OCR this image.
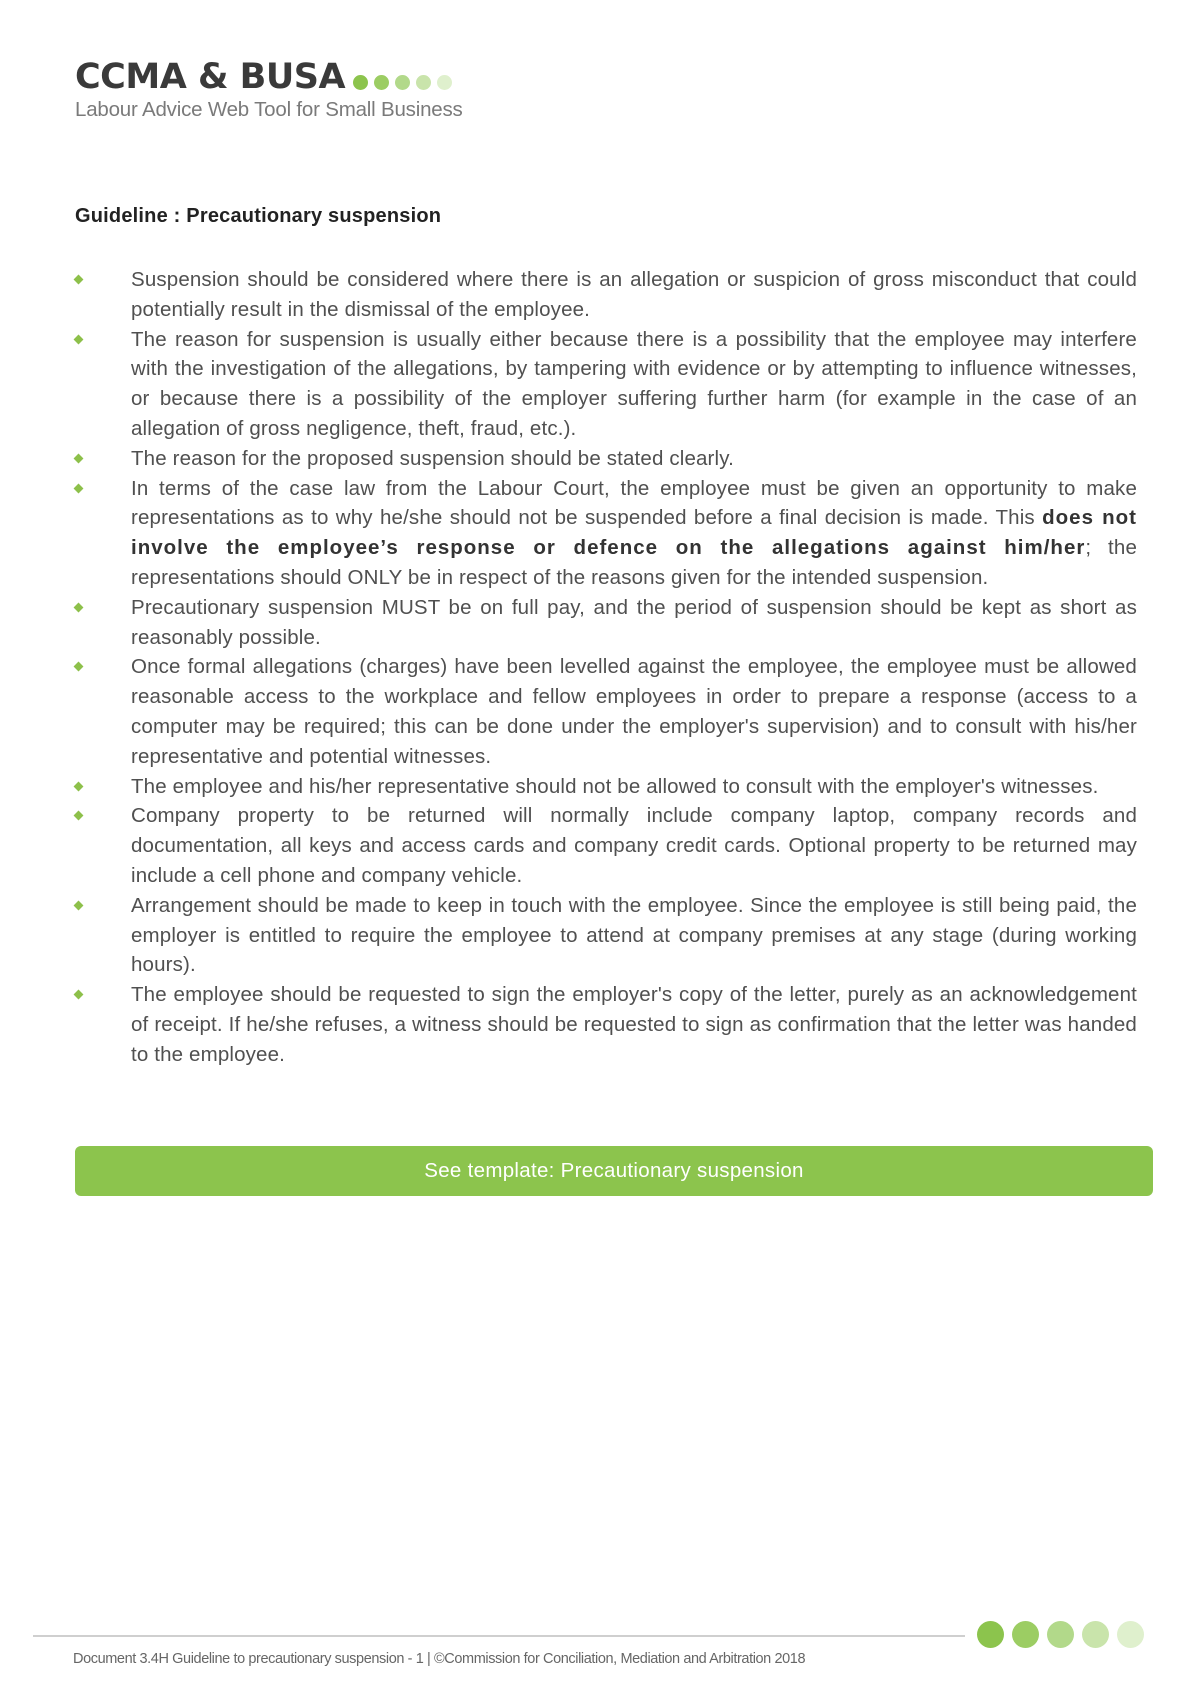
CCMA & BUSA
Labour Advice Web Tool for Small Business
Guideline : Precautionary suspension
Suspension should be considered where there is an allegation or suspicion of gross misconduct that could potentially result in the dismissal of the employee.
The reason for suspension is usually either because there is a possibility that the employee may interfere with the investigation of the allegations, by tampering with evidence or by attempting to influence witnesses, or because there is a possibility of the employer suffering further harm (for example in the case of an allegation of gross negligence, theft, fraud, etc.).
The reason for the proposed suspension should be stated clearly.
In terms of the case law from the Labour Court, the employee must be given an opportunity to make representations as to why he/she should not be suspended before a final decision is made. This does not involve the employee’s response or defence on the allegations against him/her; the representations should ONLY be in respect of the reasons given for the intended suspension.
Precautionary suspension MUST be on full pay, and the period of suspension should be kept as short as reasonably possible.
Once formal allegations (charges) have been levelled against the employee, the employee must be allowed reasonable access to the workplace and fellow employees in order to prepare a response (access to a computer may be required; this can be done under the employer's supervision) and to consult with his/her representative and potential witnesses.
The employee and his/her representative should not be allowed to consult with the employer's witnesses.
Company property to be returned will normally include company laptop, company records and documentation, all keys and access cards and company credit cards. Optional property to be returned may include a cell phone and company vehicle.
Arrangement should be made to keep in touch with the employee. Since the employee is still being paid, the employer is entitled to require the employee to attend at company premises at any stage (during working hours).
The employee should be requested to sign the employer's copy of the letter, purely as an acknowledgement of receipt. If he/she refuses, a witness should be requested to sign as confirmation that the letter was handed to the employee.
See template: Precautionary suspension
Document 3.4H Guideline to precautionary suspension - 1 | ©Commission for Conciliation, Mediation and Arbitration 2018
